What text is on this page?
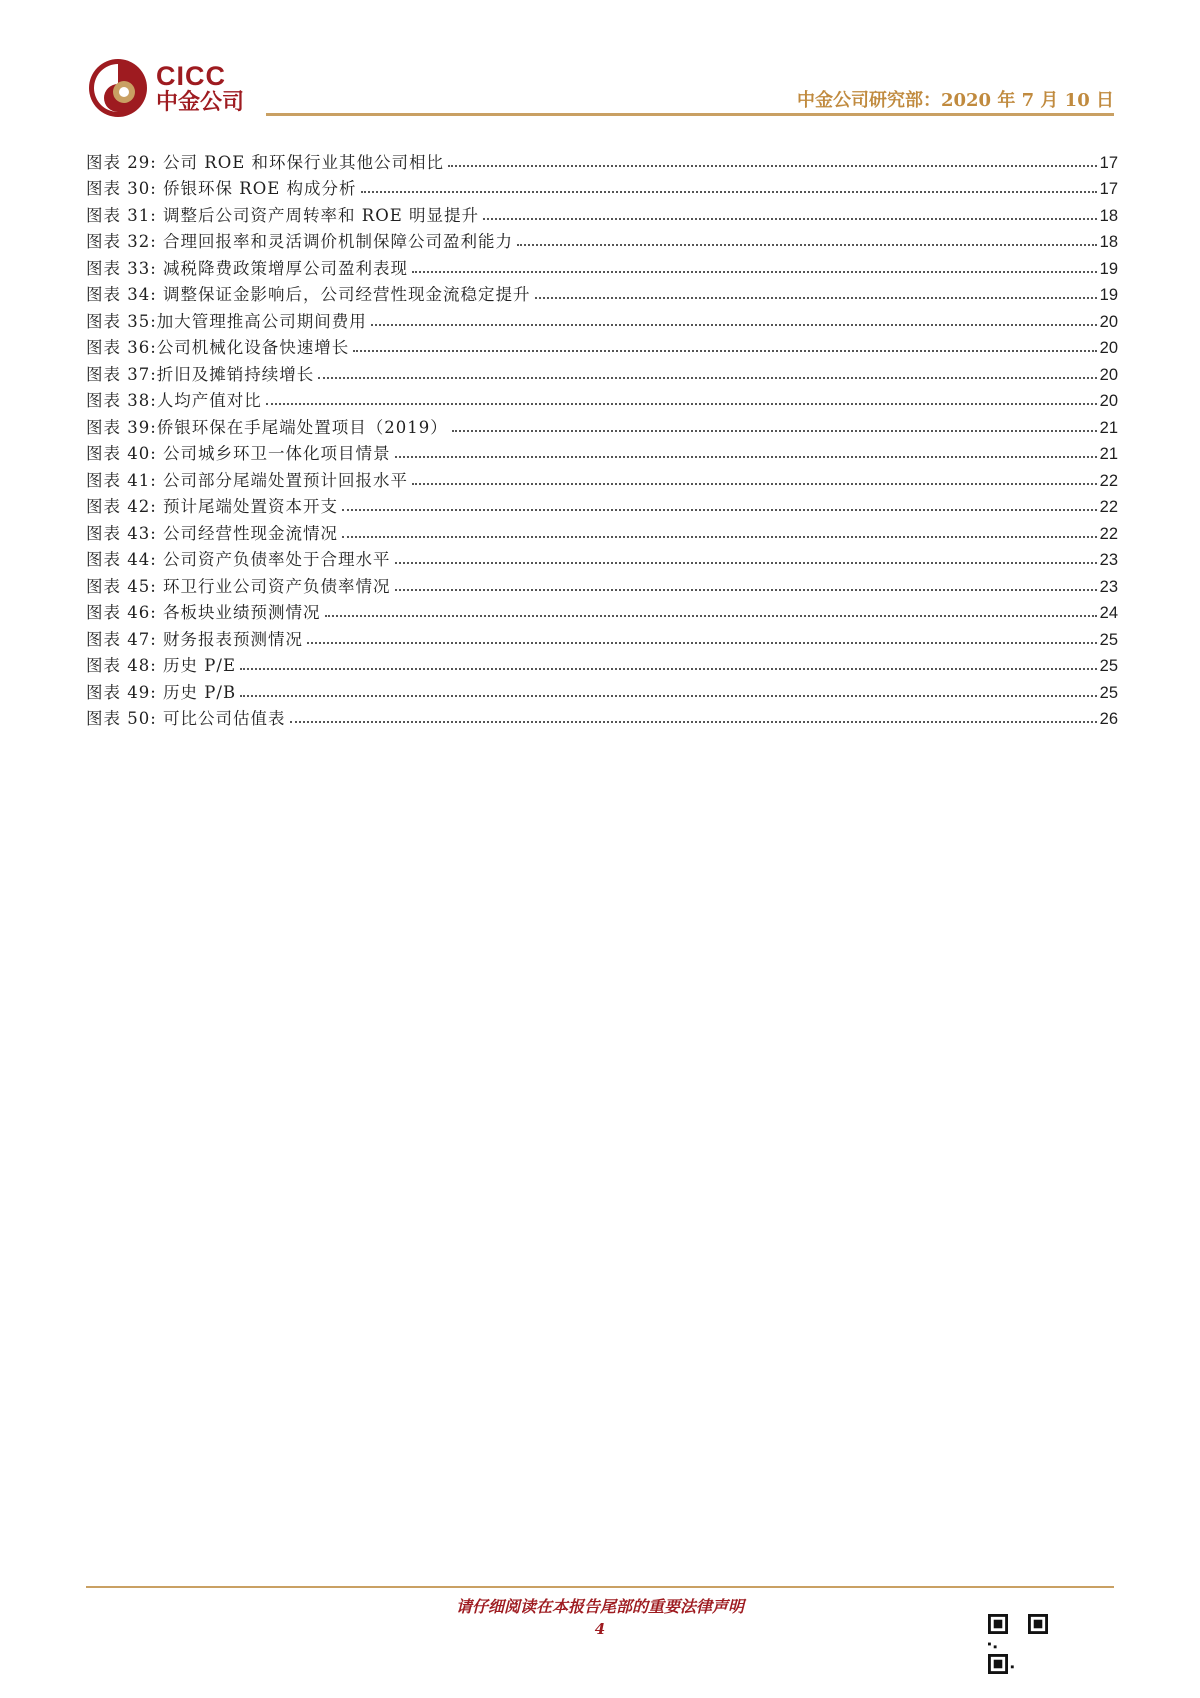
CICC
中金公司	中金公司研究部：2020 年 7 月 10 日
图表 29: 公司 ROE 和环保行业其他公司相比	17
图表 30: 侨银环保 ROE 构成分析	17
图表 31: 调整后公司资产周转率和 ROE 明显提升	18
图表 32: 合理回报率和灵活调价机制保障公司盈利能力	18
图表 33: 减税降费政策增厚公司盈利表现	19
图表 34: 调整保证金影响后，公司经营性现金流稳定提升	19
图表 35:加大管理推高公司期间费用	20
图表 36:公司机械化设备快速增长	20
图表 37:折旧及摊销持续增长	20
图表 38:人均产值对比	20
图表 39:侨银环保在手尾端处置项目（2019）	21
图表 40: 公司城乡环卫一体化项目情景	21
图表 41: 公司部分尾端处置预计回报水平	22
图表 42: 预计尾端处置资本开支	22
图表 43: 公司经营性现金流情况	22
图表 44: 公司资产负债率处于合理水平	23
图表 45: 环卫行业公司资产负债率情况	23
图表 46: 各板块业绩预测情况	24
图表 47: 财务报表预测情况	25
图表 48: 历史 P/E	25
图表 49: 历史 P/B	25
图表 50: 可比公司估值表	26
请仔细阅读在本报告尾部的重要法律声明
4
